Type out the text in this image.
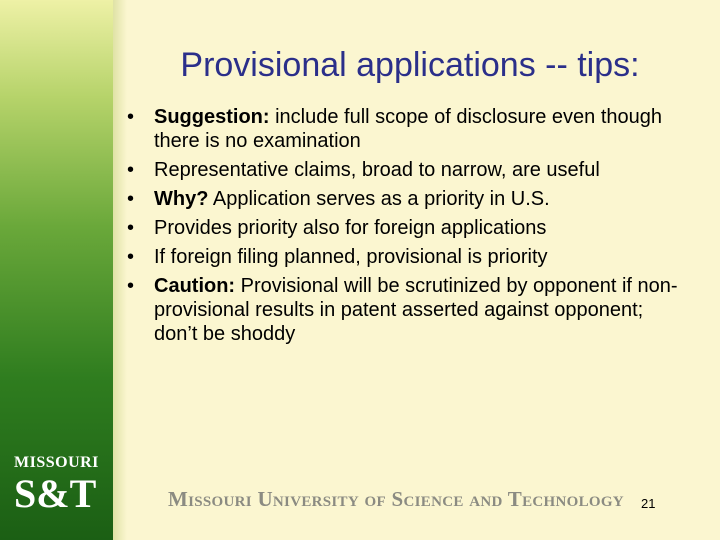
Provisional applications -- tips:
• Suggestion: include full scope of disclosure even though there is no examination
• Representative claims, broad to narrow, are useful
• Why? Application serves as a priority in U.S.
• Provides priority also for foreign applications
• If foreign filing planned, provisional is priority
• Caution: Provisional will be scrutinized by opponent if non-provisional results in patent asserted against opponent; don’t be shoddy
MISSOURI
S&T	Missouri University of Science and Technology 21
